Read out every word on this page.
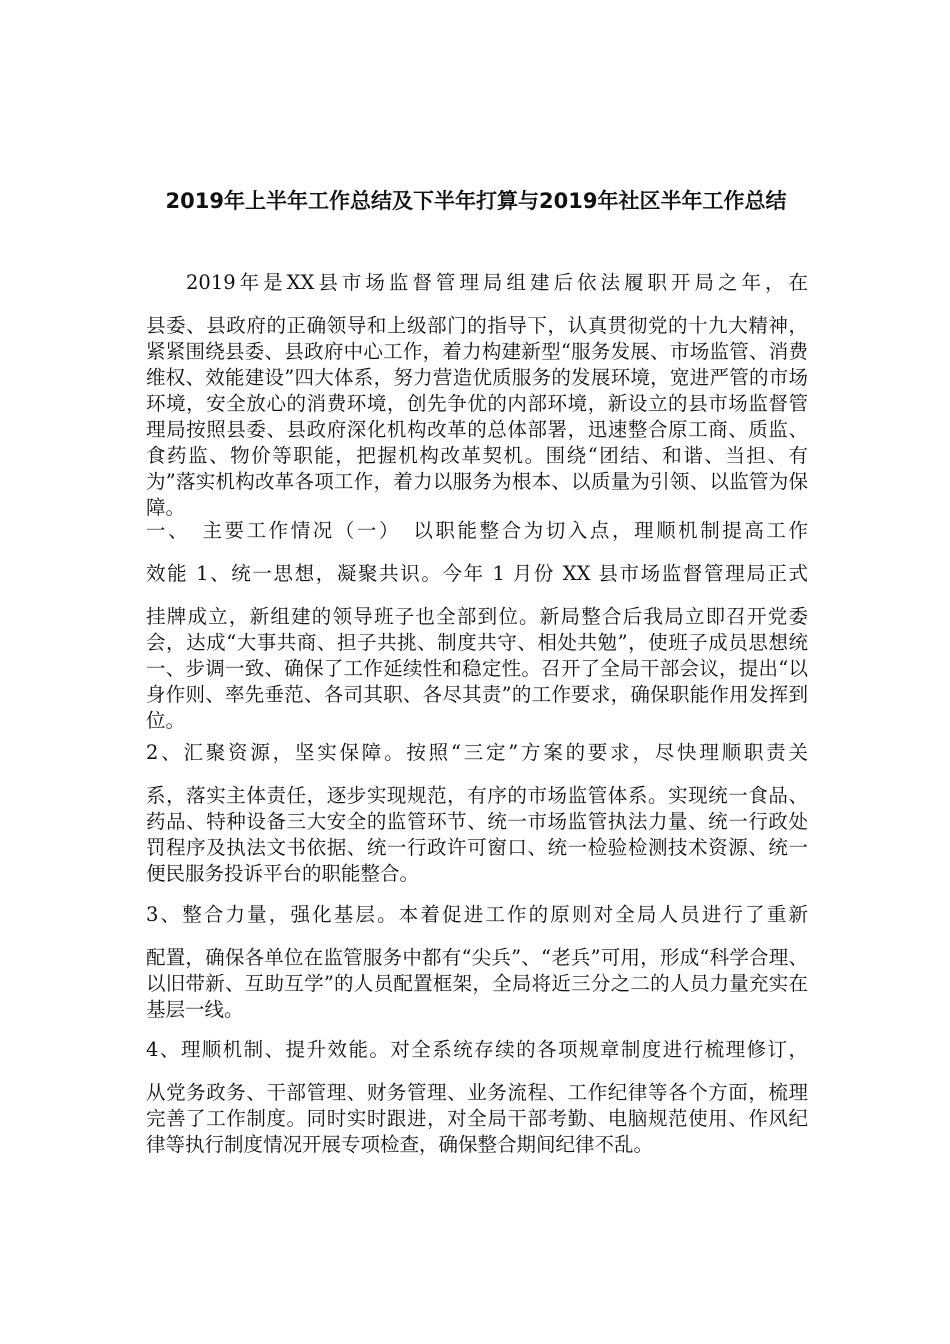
2019年上半年工作总结及下半年打算与2019年社区半年工作总结
2019年是XX县市场监督管理局组建后依法履职开局之年，在
县委、县政府的正确领导和上级部门的指导下，认真贯彻党的十九大精神，紧紧围绕县委、县政府中心工作，着力构建新型“服务发展、市场监管、消费维权、效能建设”四大体系，努力营造优质服务的发展环境，宽进严管的市场环境，安全放心的消费环境，创先争优的内部环境，新设立的县市场监督管理局按照县委、县政府深化机构改革的总体部署，迅速整合原工商、质监、食药监、物价等职能，把握机构改革契机。围绕“团结、和谐、当担、有为”落实机构改革各项工作，着力以服务为根本、以质量为引领、以监管为保障。
一、　主要工作情况（一）　以职能整合为切入点，理顺机制提高工作
效能 1、统一思想，凝聚共识。今年 1 月份 XX 县市场监督管理局正式
挂牌成立，新组建的领导班子也全部到位。新局整合后我局立即召开党委会，达成“大事共商、担子共挑、制度共守、相处共勉”，使班子成员思想统一、步调一致、确保了工作延续性和稳定性。召开了全局干部会议，提出“以身作则、率先垂范、各司其职、各尽其责”的工作要求，确保职能作用发挥到位。
2、汇聚资源，坚实保障。按照“三定”方案的要求，尽快理顺职责关
系，落实主体责任，逐步实现规范，有序的市场监管体系。实现统一食品、药品、特种设备三大安全的监管环节、统一市场监管执法力量、统一行政处罚程序及执法文书依据、统一行政许可窗口、统一检验检测技术资源、统一便民服务投诉平台的职能整合。
3、整合力量，强化基层。本着促进工作的原则对全局人员进行了重新
配置，确保各单位在监管服务中都有“尖兵”、“老兵”可用，形成“科学合理、以旧带新、互助互学”的人员配置框架，全局将近三分之二的人员力量充实在基层一线。
4、理顺机制、提升效能。对全系统存续的各项规章制度进行梳理修订，
从党务政务、干部管理、财务管理、业务流程、工作纪律等各个方面，梳理完善了工作制度。同时实时跟进，对全局干部考勤、电脑规范使用、作风纪律等执行制度情况开展专项检查，确保整合期间纪律不乱。
